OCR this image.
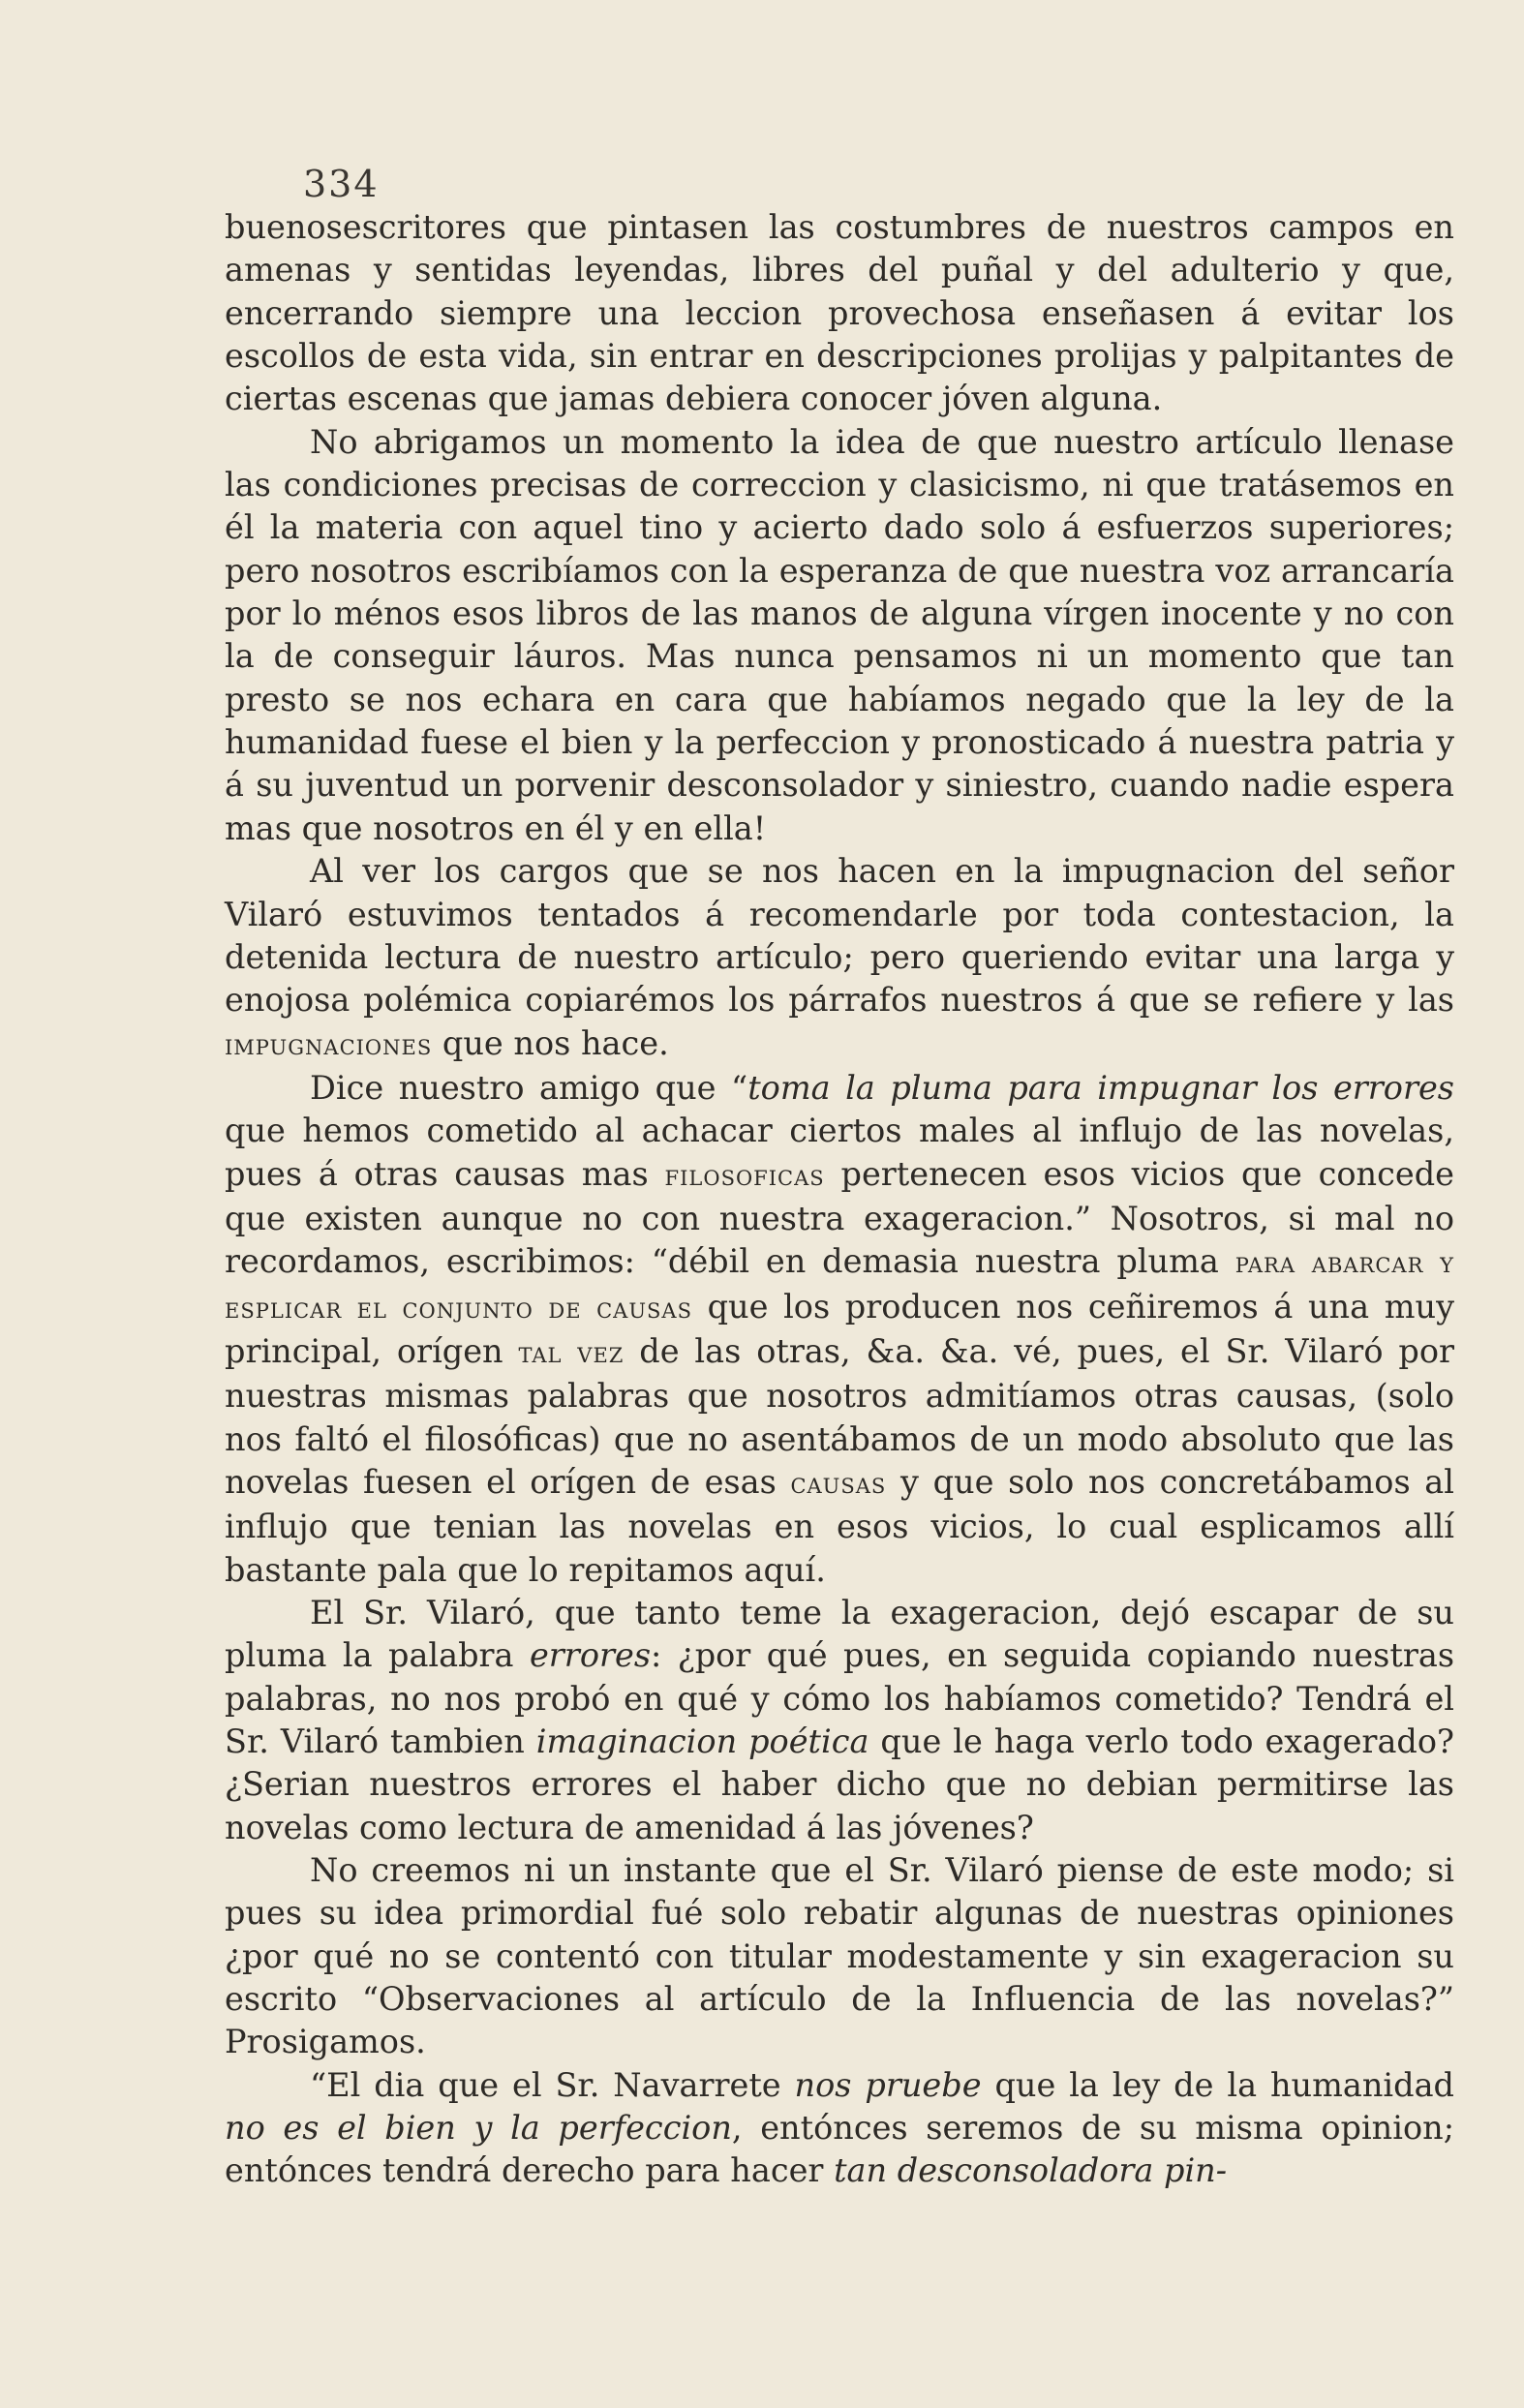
334

buenosescritores que pintasen las costumbres de nuestros campos en amenas y sentidas leyendas, libres del puñal y del adulterio y que, encerrando siempre una leccion provechosa enseñasen á evitar los escollos de esta vida, sin entrar en descripciones prolijas y palpitantes de ciertas escenas que jamas debiera conocer jóven alguna.

No abrigamos un momento la idea de que nuestro artículo llenase las condiciones precisas de correccion y clasicismo, ni que tratásemos en él la materia con aquel tino y acierto dado solo á esfuerzos superiores; pero nosotros escribíamos con la esperanza de que nuestra voz arrancaría por lo ménos esos libros de las manos de alguna vírgen inocente y no con la de conseguir láuros. Mas nunca pensamos ni un momento que tan presto se nos echara en cara que habíamos negado que la ley de la humanidad fuese el bien y la perfeccion y pronosticado á nuestra patria y á su juventud un porvenir desconsolador y siniestro, cuando nadie espera mas que nosotros en él y en ella!

Al ver los cargos que se nos hacen en la impugnacion del señor Vilaró estuvimos tentados á recomendarle por toda contestacion, la detenida lectura de nuestro artículo; pero queriendo evitar una larga y enojosa polémica copiarémos los párrafos nuestros á que se refiere y las impugnaciones que nos hace.

Dice nuestro amigo que “toma la pluma para impugnar los errores que hemos cometido al achacar ciertos males al influjo de las novelas, pues á otras causas mas filosoficas pertenecen esos vicios que concede que existen aunque no con nuestra exageracion.” Nosotros, si mal no recordamos, escribimos: “débil en demasia nuestra pluma para abarcar y esplicar el conjunto de causas que los producen nos ceñiremos á una muy principal, orígen tal vez de las otras, &a. &a. vé, pues, el Sr. Vilaró por nuestras mismas palabras que nosotros admitíamos otras causas, (solo nos faltó el filosóficas) que no asentábamos de un modo absoluto que las novelas fuesen el orígen de esas causas y que solo nos concretábamos al influjo que tenian las novelas en esos vicios, lo cual esplicamos allí bastante pala que lo repitamos aquí.

El Sr. Vilaró, que tanto teme la exageracion, dejó escapar de su pluma la palabra errores: ¿por qué pues, en seguida copiando nuestras palabras, no nos probó en qué y cómo los habíamos cometido? Tendrá el Sr. Vilaró tambien imaginacion poética que le haga verlo todo exagerado? ¿Serian nuestros errores el haber dicho que no debian permitirse las novelas como lectura de amenidad á las jóvenes?

No creemos ni un instante que el Sr. Vilaró piense de este modo; si pues su idea primordial fué solo rebatir algunas de nuestras opiniones ¿por qué no se contentó con titular modestamente y sin exageracion su escrito “Observaciones al artículo de la Influencia de las novelas?” Prosigamos.

“El dia que el Sr. Navarrete nos pruebe que la ley de la humanidad no es el bien y la perfeccion, entónces seremos de su misma opinion; entónces tendrá derecho para hacer tan desconsoladora pin-
